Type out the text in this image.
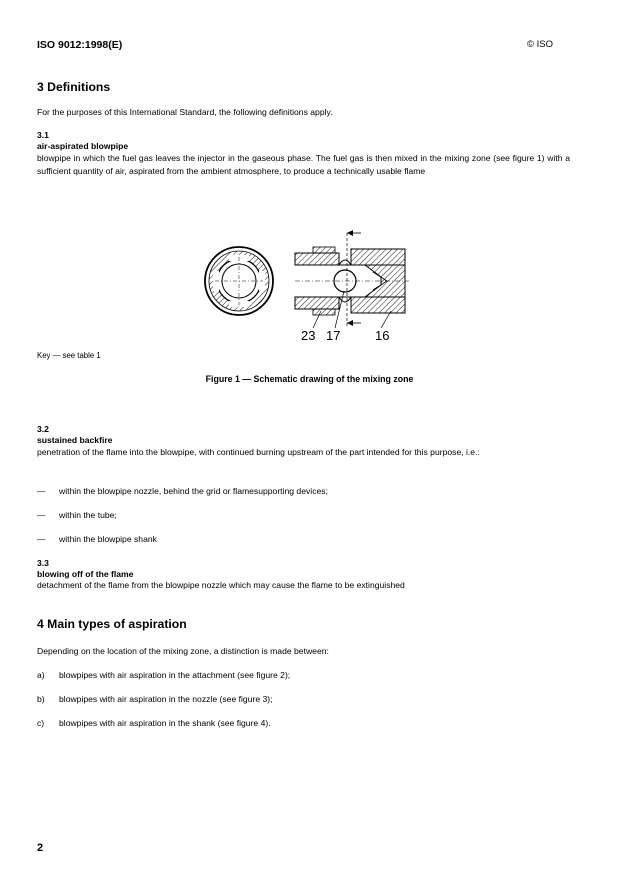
ISO 9012:1998(E)	© ISO
3 Definitions
For the purposes of this International Standard, the following definitions apply.
3.1
air-aspirated blowpipe
blowpipe in which the fuel gas leaves the injector in the gaseous phase. The fuel gas is then mixed in the mixing zone (see figure 1) with a sufficient quantity of air, aspirated from the ambient atmosphere, to produce a technically usable flame
23 17	16
Key — see table 1
Figure 1 — Schematic drawing of the mixing zone
3.2
sustained backfire
penetration of the flame into the blowpipe, with continued burning upstream of the part intended for this purpose, i.e.:
— within the blowpipe nozzle, behind the grid or flamesupporting devices;
— within the tube;
— within the blowpipe shank
3.3
blowing off of the flame
detachment of the flame from the blowpipe nozzle which may cause the flame to be extinguished
4 Main types of aspiration
Depending on the location of the mixing zone, a distinction is made between:
a) blowpipes with air aspiration in the attachment (see figure 2);
b) blowpipes with air aspiration in the nozzle (see figure 3);
c) blowpipes with air aspiration in the shank (see figure 4).
2
